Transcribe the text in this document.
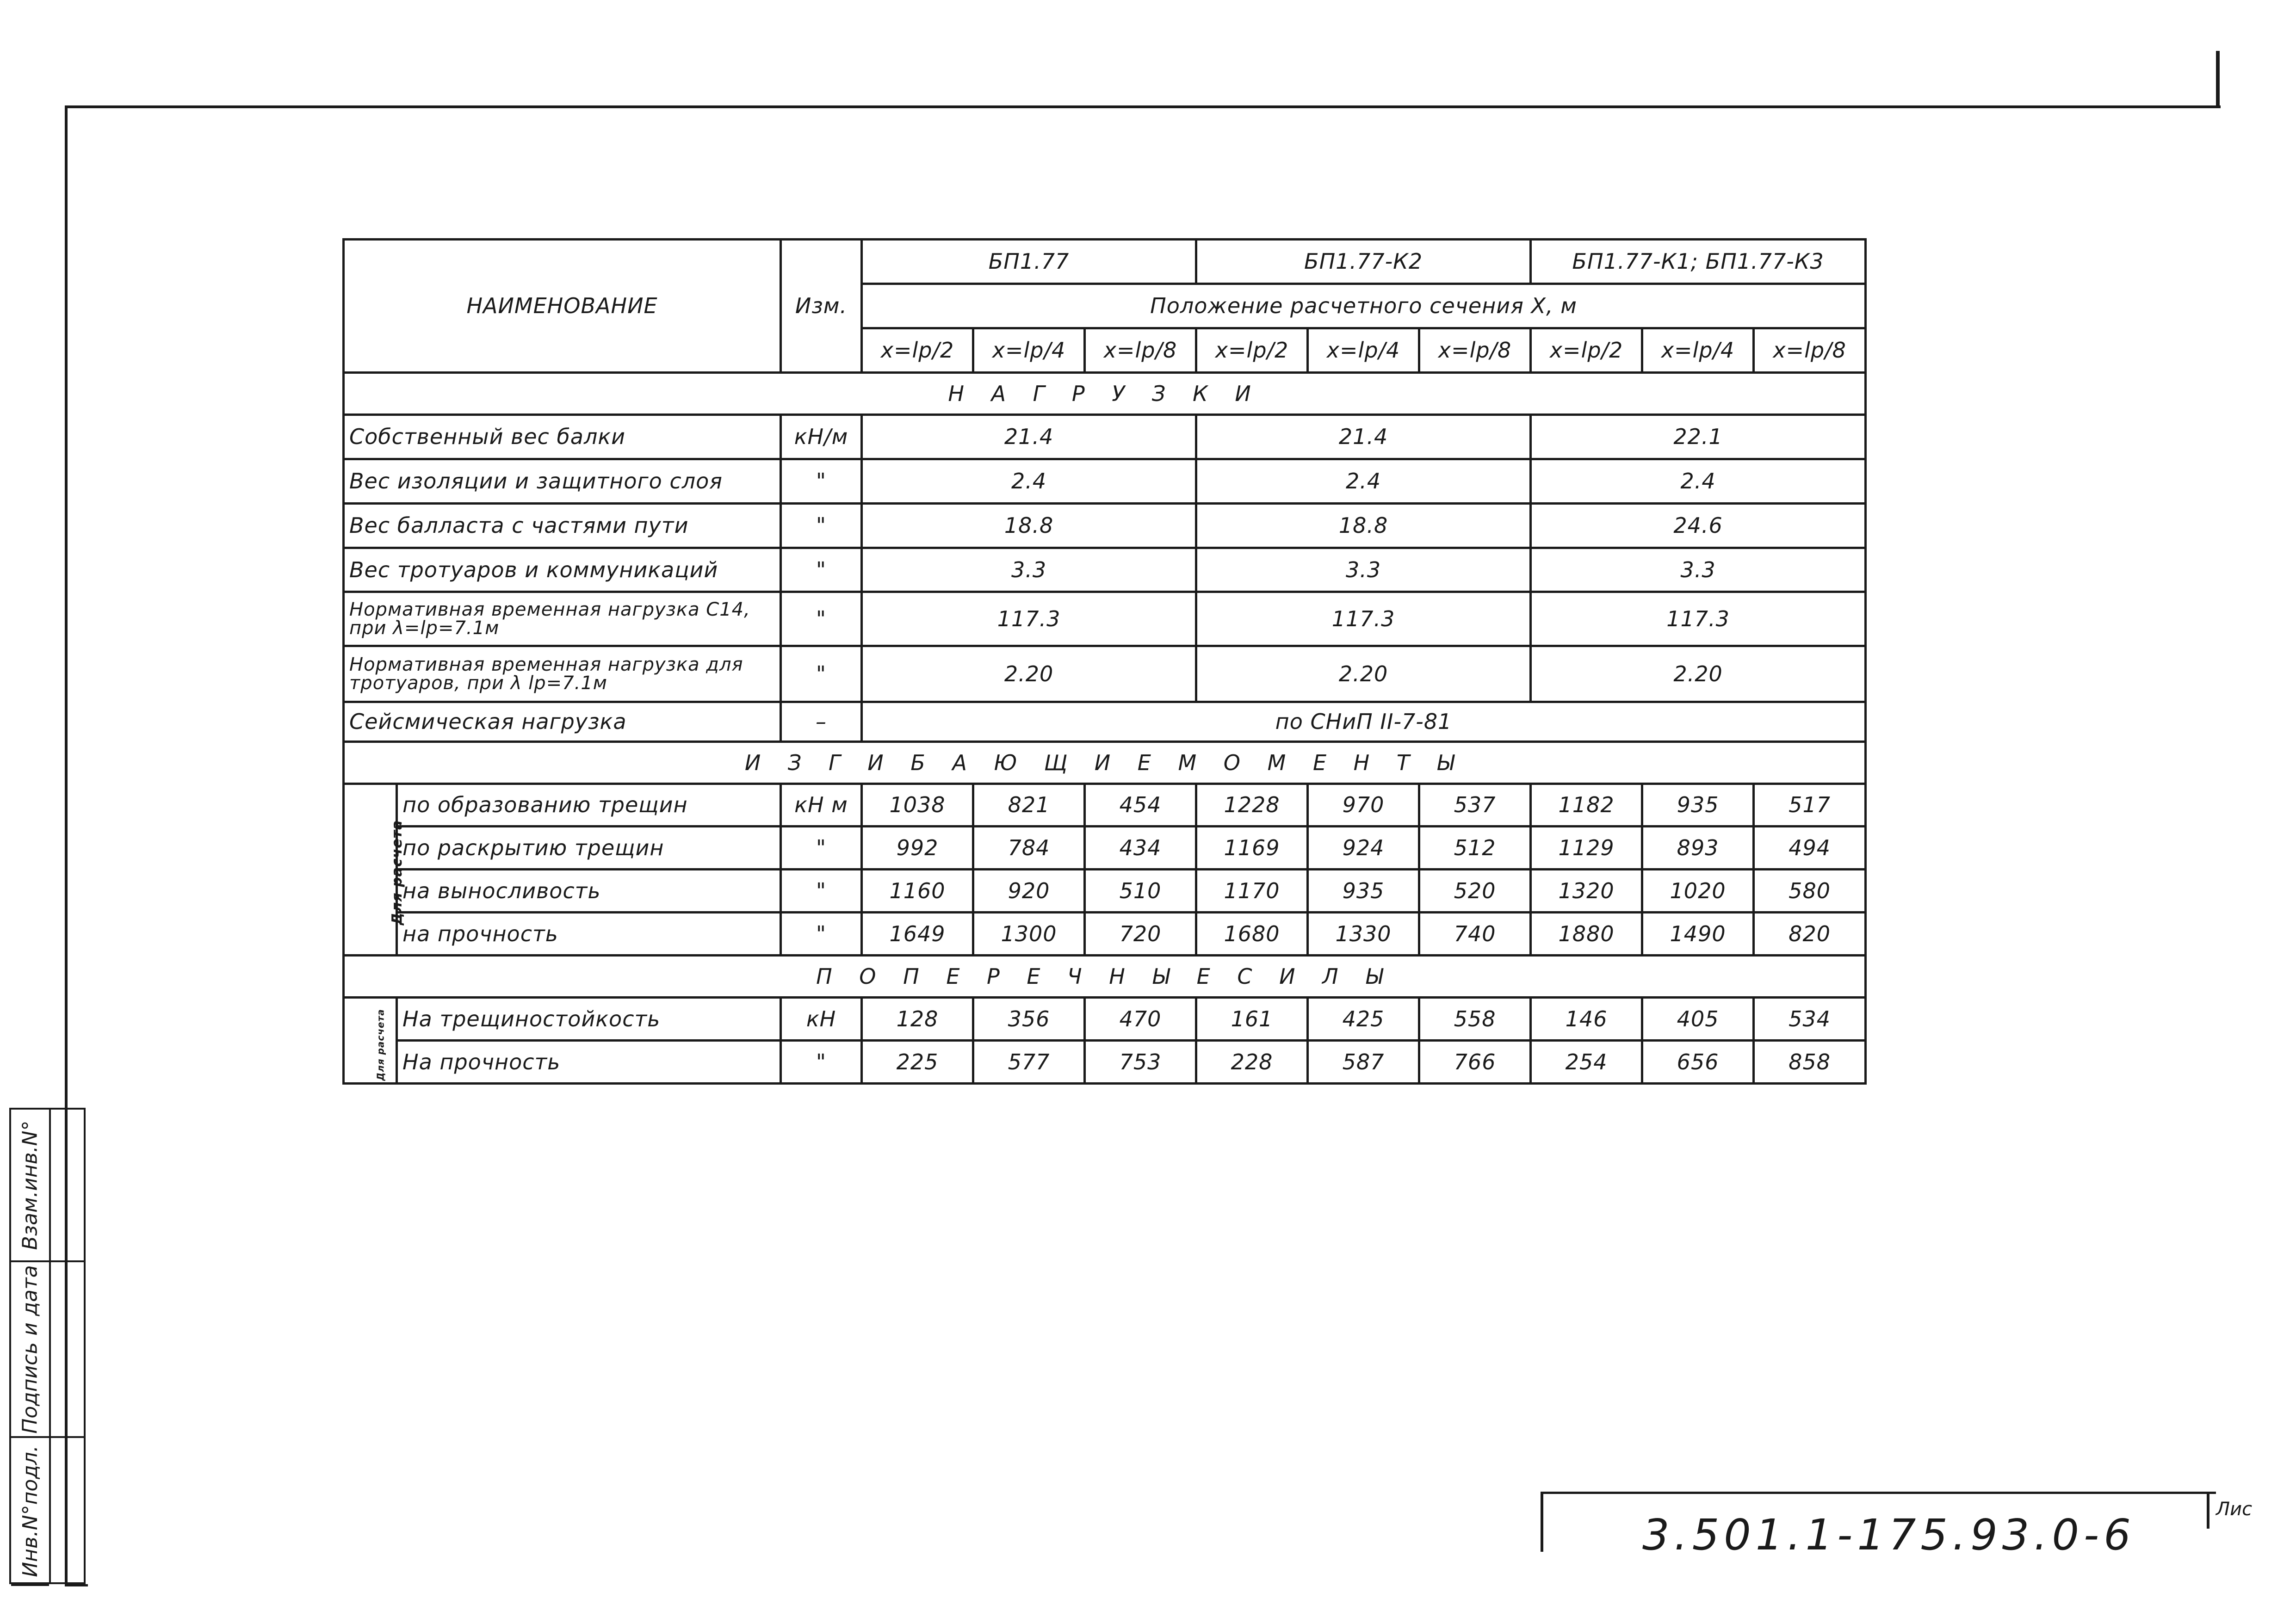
НАИМЕНОВАНИЕ		Изм.	БП1.77			БП1.77-К2			БП1.77-К1; БП1.77-К3		
			Положение расчетного сечения Х, м								
			x=lp/2	x=lp/4	x=lp/8	x=lp/2	x=lp/4	x=lp/8	x=lp/2	x=lp/4	x=lp/8
Н А Г Р У З К И											
Собственный вес балки		кН/м	21.4			21.4			22.1		
Вес изоляции и защитного слоя		"	2.4			2.4			2.4		
Вес балласта с частями пути		"	18.8			18.8			24.6		
Вес тротуаров и коммуникаций		"	3.3			3.3			3.3		
Нормативная временная нагрузка С14, при λ=lp=7.1м		"	117.3			117.3			117.3		
Нормативная временная нагрузка для тротуаров, при λ lp=7.1м		"	2.20			2.20			2.20		
Сейсмическая нагрузка		–	по СНиП II-7-81								
И З Г И Б А Ю Щ И Е М О М Е Н Т Ы											
Для расчета	по образованию трещин	кН м	1038	821	454	1228	970	537	1182	935	517
	по раскрытию трещин	"	992	784	434	1169	924	512	1129	893	494
	на выносливость	"	1160	920	510	1170	935	520	1320	1020	580
	на прочность	"	1649	1300	720	1680	1330	740	1880	1490	820
П О П Е Р Е Ч Н Ы Е С И Л Ы											
Для расчета	На трещиностойкость	кН	128	356	470	161	425	558	146	405	534
	На прочность	"	225	577	753	228	587	766	254	656	858
Инв.N°подл.
Подпись и дата
Взам.инв.N°
3.501.1-175.93.0-6
Лис
